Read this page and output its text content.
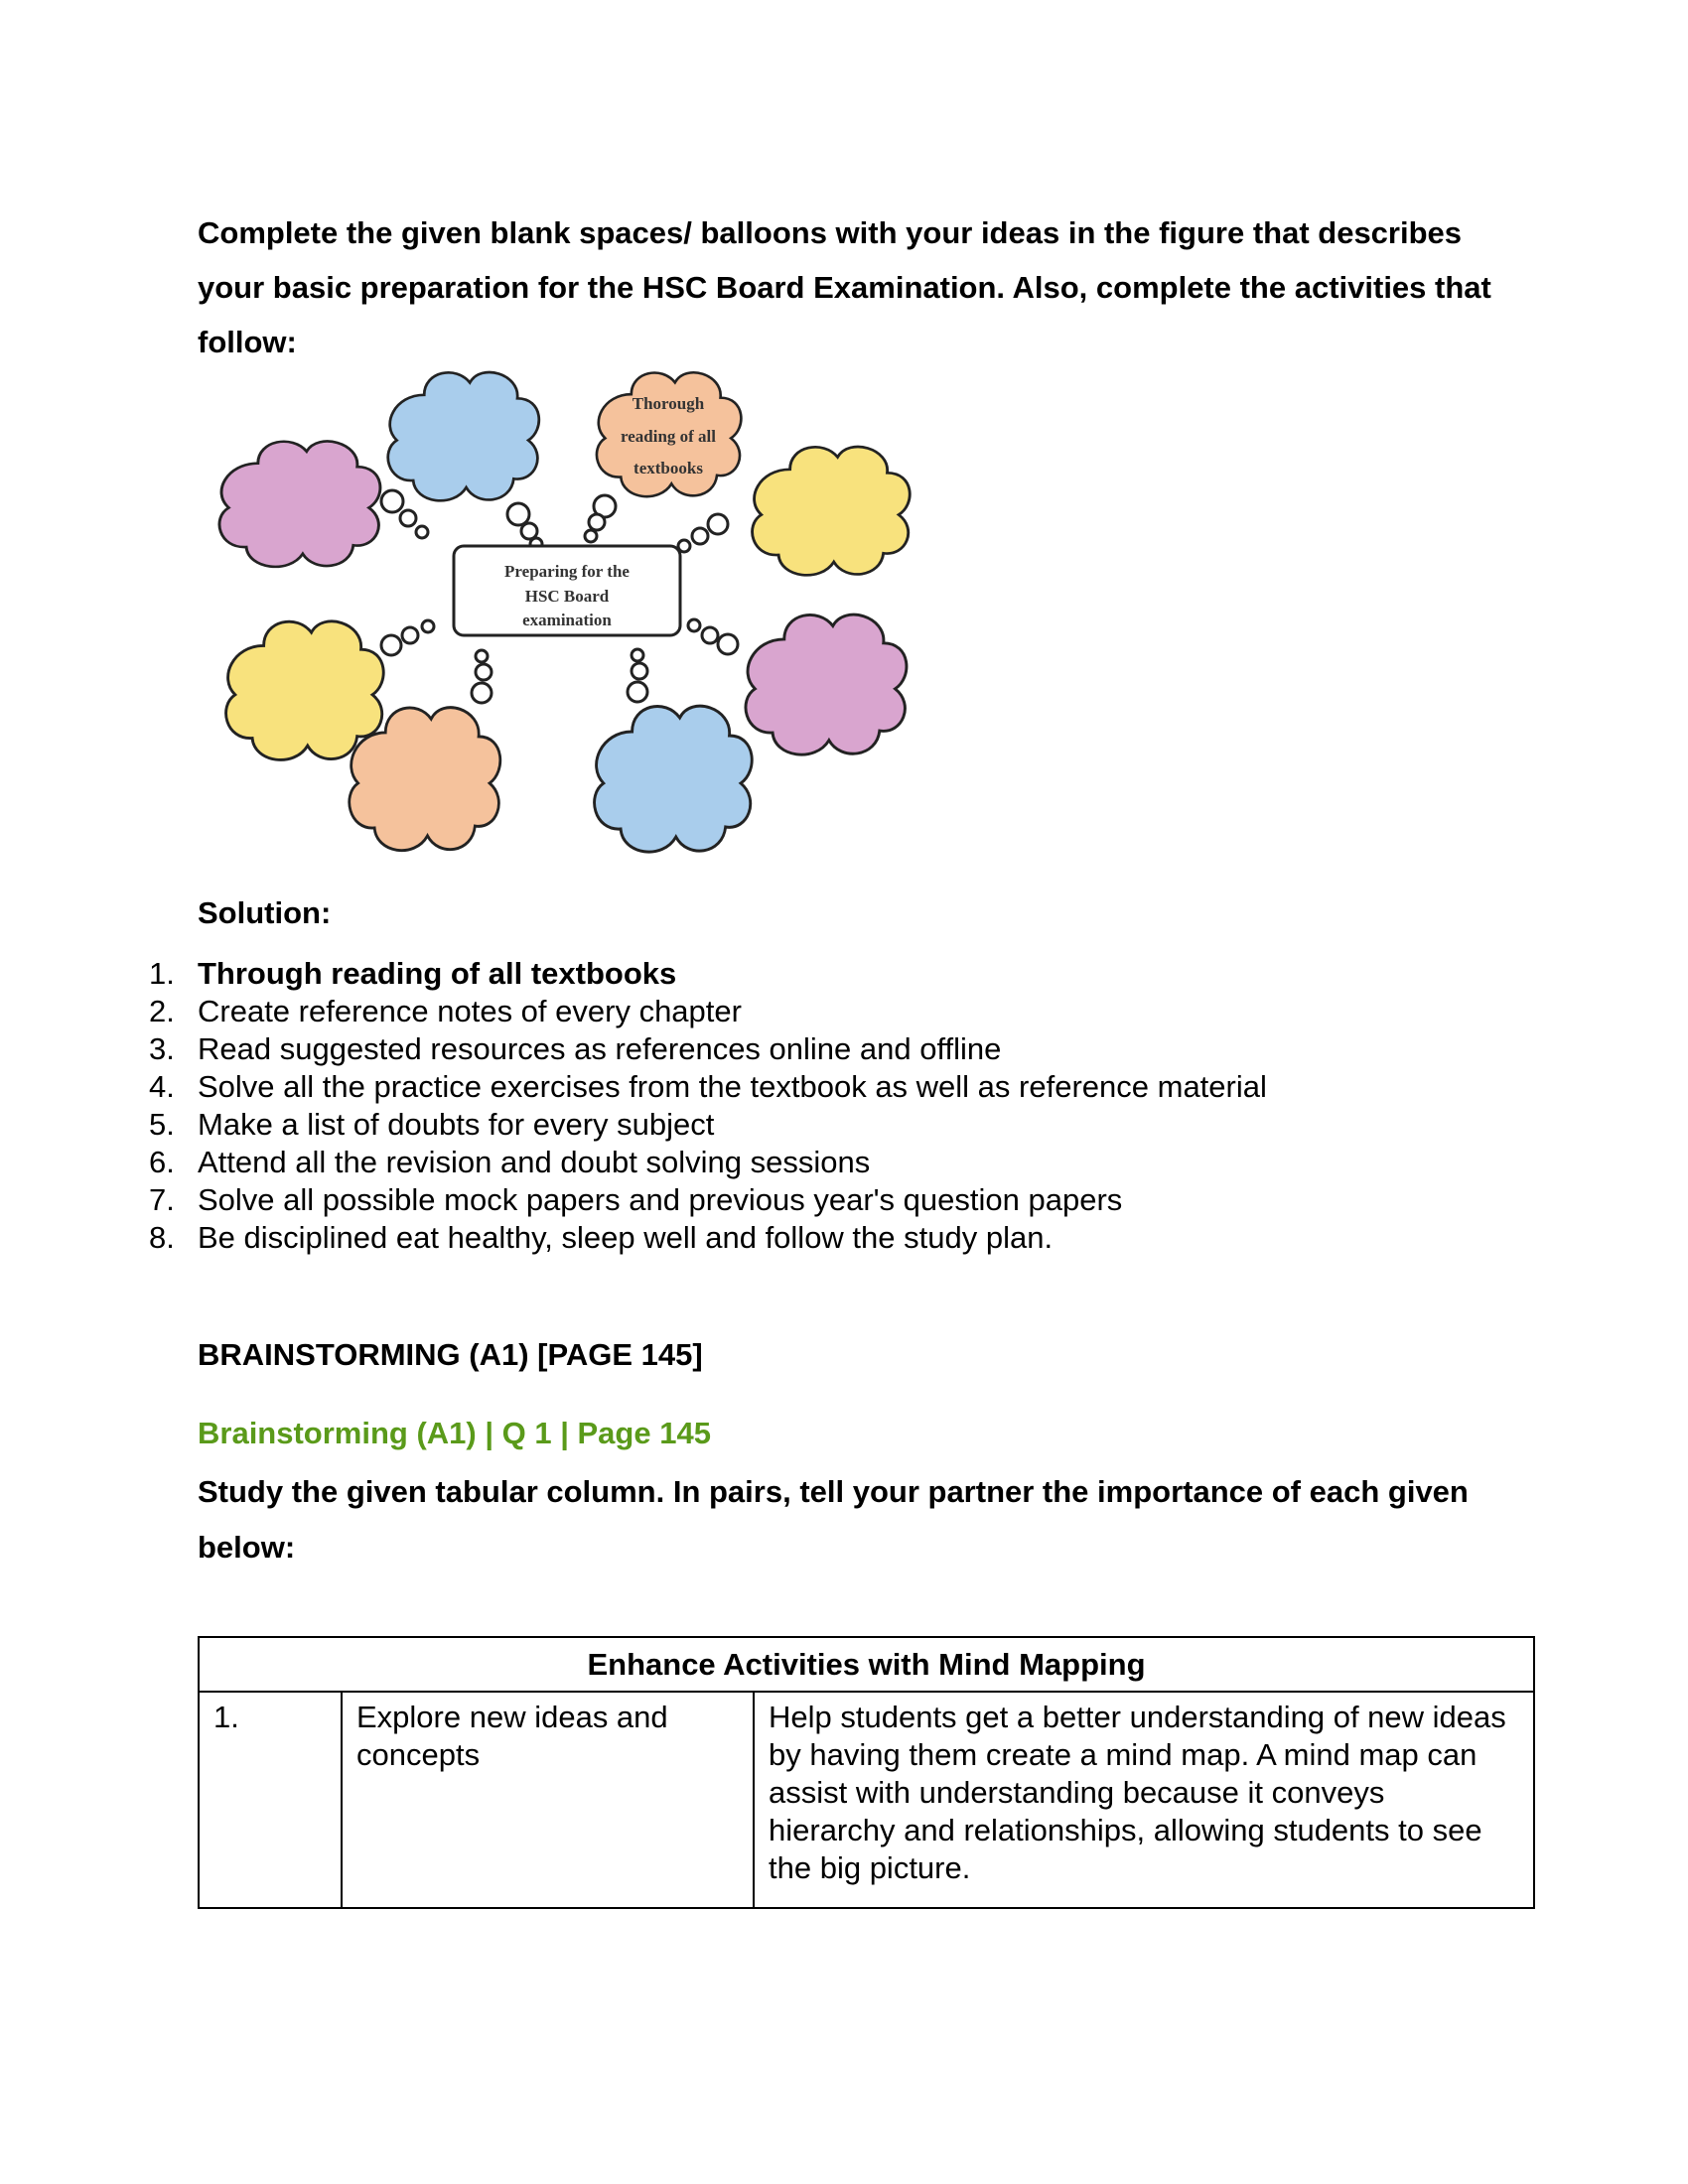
Complete the given blank spaces/ balloons with your ideas in the figure that describes your basic preparation for the HSC Board Examination. Also, complete the activities that follow:

Preparing for the
HSC Board
examination
Thorough
reading of all
textbooks

Solution:

1. Through reading of all textbooks
2. Create reference notes of every chapter
3. Read suggested resources as references online and offline
4. Solve all the practice exercises from the textbook as well as reference material
5. Make a list of doubts for every subject
6. Attend all the revision and doubt solving sessions
7. Solve all possible mock papers and previous year's question papers
8. Be disciplined eat healthy, sleep well and follow the study plan.
BRAINSTORMING (A1) [PAGE 145]

Brainstorming (A1) | Q 1 | Page 145

Study the given tabular column. In pairs, tell your partner the importance of each given below:

Enhance Activities with Mind Mapping
1.	Explore new ideas and concepts	Help students get a better understanding of new ideas by having them create a mind map. A mind map can assist with understanding because it conveys hierarchy and relationships, allowing students to see the big picture.
